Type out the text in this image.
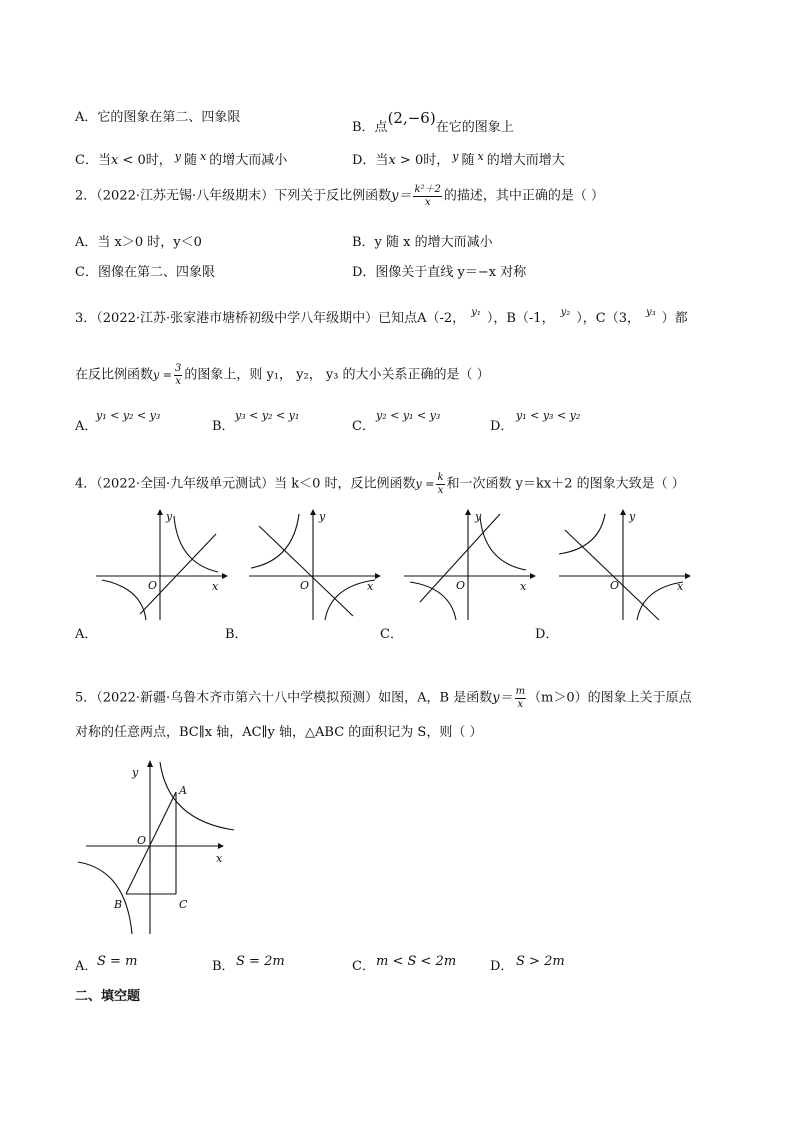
A．它的图象在第二、四象限
B．点(2,−6)在它的图象上
C．当x < 0时， $^y$ 随 $^x$ 的增大而减小	D．当x > 0时， $^y$ 随 $^x$ 的增大而增大
2．（2022·江苏无锡·八年级期末）下列关于反比例函数$y= \frac{\text{k²＋2}}{x}$ 的描述，其中正确的是（ ）
A．当 x＞0 时，y＜0	B．y 随 x 的增大而减小
C．图像在第二、四象限	D．图像关于直线 y＝−x 对称
3．（2022·江苏·张家港市塘桥初级中学八年级期中）已知点A（-2， $^{y_1}$ ），B（-1， $^{y_2}$ ），C（3， $^{y_3}$ ）都
在反比例函数$y = \frac{3}{x}$ 的图象上，则 y₁， y₂， y₃ 的大小关系正确的是（ ）
A．
y₁ < y₂ < y₃
B．
y₃ < y₂ < y₁
C．
y₂ < y₁ < y₃
D．
y₁ < y₃ < y₂
4．（2022·全国·九年级单元测试）当 k＜0 时，反比例函数$y = \frac{k}{x}$ 和一次函数 y＝kx＋2 的图象大致是（ ）
y
x
O
A．
y
x
O
B．
y
x
O
C．
y
x
O
D．
5．（2022·新疆·乌鲁木齐市第六十八中学模拟预测）如图，A，B 是函数$y= \frac{m}{x} (m>0)$的图象上关于原点
对称的任意两点，BC∥x 轴，AC∥y 轴，△ABC 的面积记为 S，则（ ）
y
x
O
A
B	C
A． S = m	B． S = 2m	C． m < S < 2m	D． S > 2m
二、填空题
